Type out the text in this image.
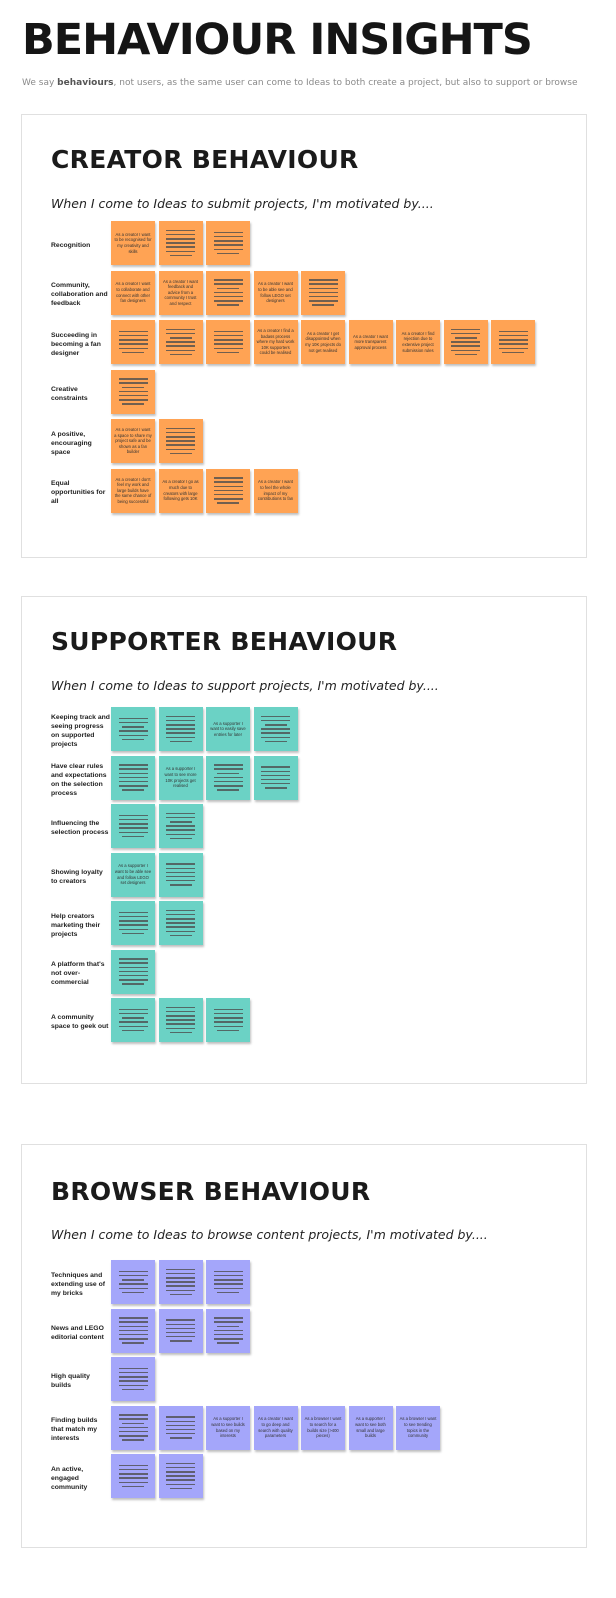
BEHAVIOUR INSIGHTS
We say behaviours, not users, as the same user can come to Ideas to both create a project, but also to support or browse
CREATOR BEHAVIOUR
When I come to Ideas to submit projects, I'm motivated by....
Recognition
As a creator I want to be recognised for my creativity and skills
Community, collaboration and feedback
As a creator I want to collaborate and connect with other fan designers
As a creator I want feedback and advice from a community I trust and respect
As a creator I want to be able see and follow LEGO set designers
Succeeding in becoming a fan designer
As a creator I find a badass process where my hard work 10K supporters could be realised
As a creator I get disappointed when my 10K projects do not get realised
As a creator I want more transparent approval process
As a creator I find rejection due to extensive project submission rules
Creative constraints
A positive, encouraging space
As a creator I want a space to share my project safe and be shown as a fan builder
Equal opportunities for all
As a creator I don't feel my work and large builds have the same chance of being successful
As a creator I go as much due to creators with large following gets 10K
As a creator I want to feel the whole impact of my contributions to fan
SUPPORTER BEHAVIOUR
When I come to Ideas to support projects, I'm motivated by....
Keeping track and seeing progress on supported projects
As a supporter I want to easily save entries for later
Have clear rules and expectations on the selection process
As a supporter I want to see more 10K projects get realised
Influencing the selection process
Showing loyalty to creators
As a supporter I want to be able see and follow LEGO set designers
Help creators marketing their projects
A platform that's not over-commercial
A community space to geek out
BROWSER BEHAVIOUR
When I come to Ideas to browse content projects, I'm motivated by....
Techniques and extending use of my bricks
News and LEGO editorial content
High quality builds
Finding builds that match my interests
As a supporter I want to see builds based on my interests
As a creator I want to go deep and search with quality parameters
As a browser I want to search for a builds size (>400 pieces)
As a supporter I want to see both small and large builds
As a browser I want to see trending topics in the community
An active, engaged community
